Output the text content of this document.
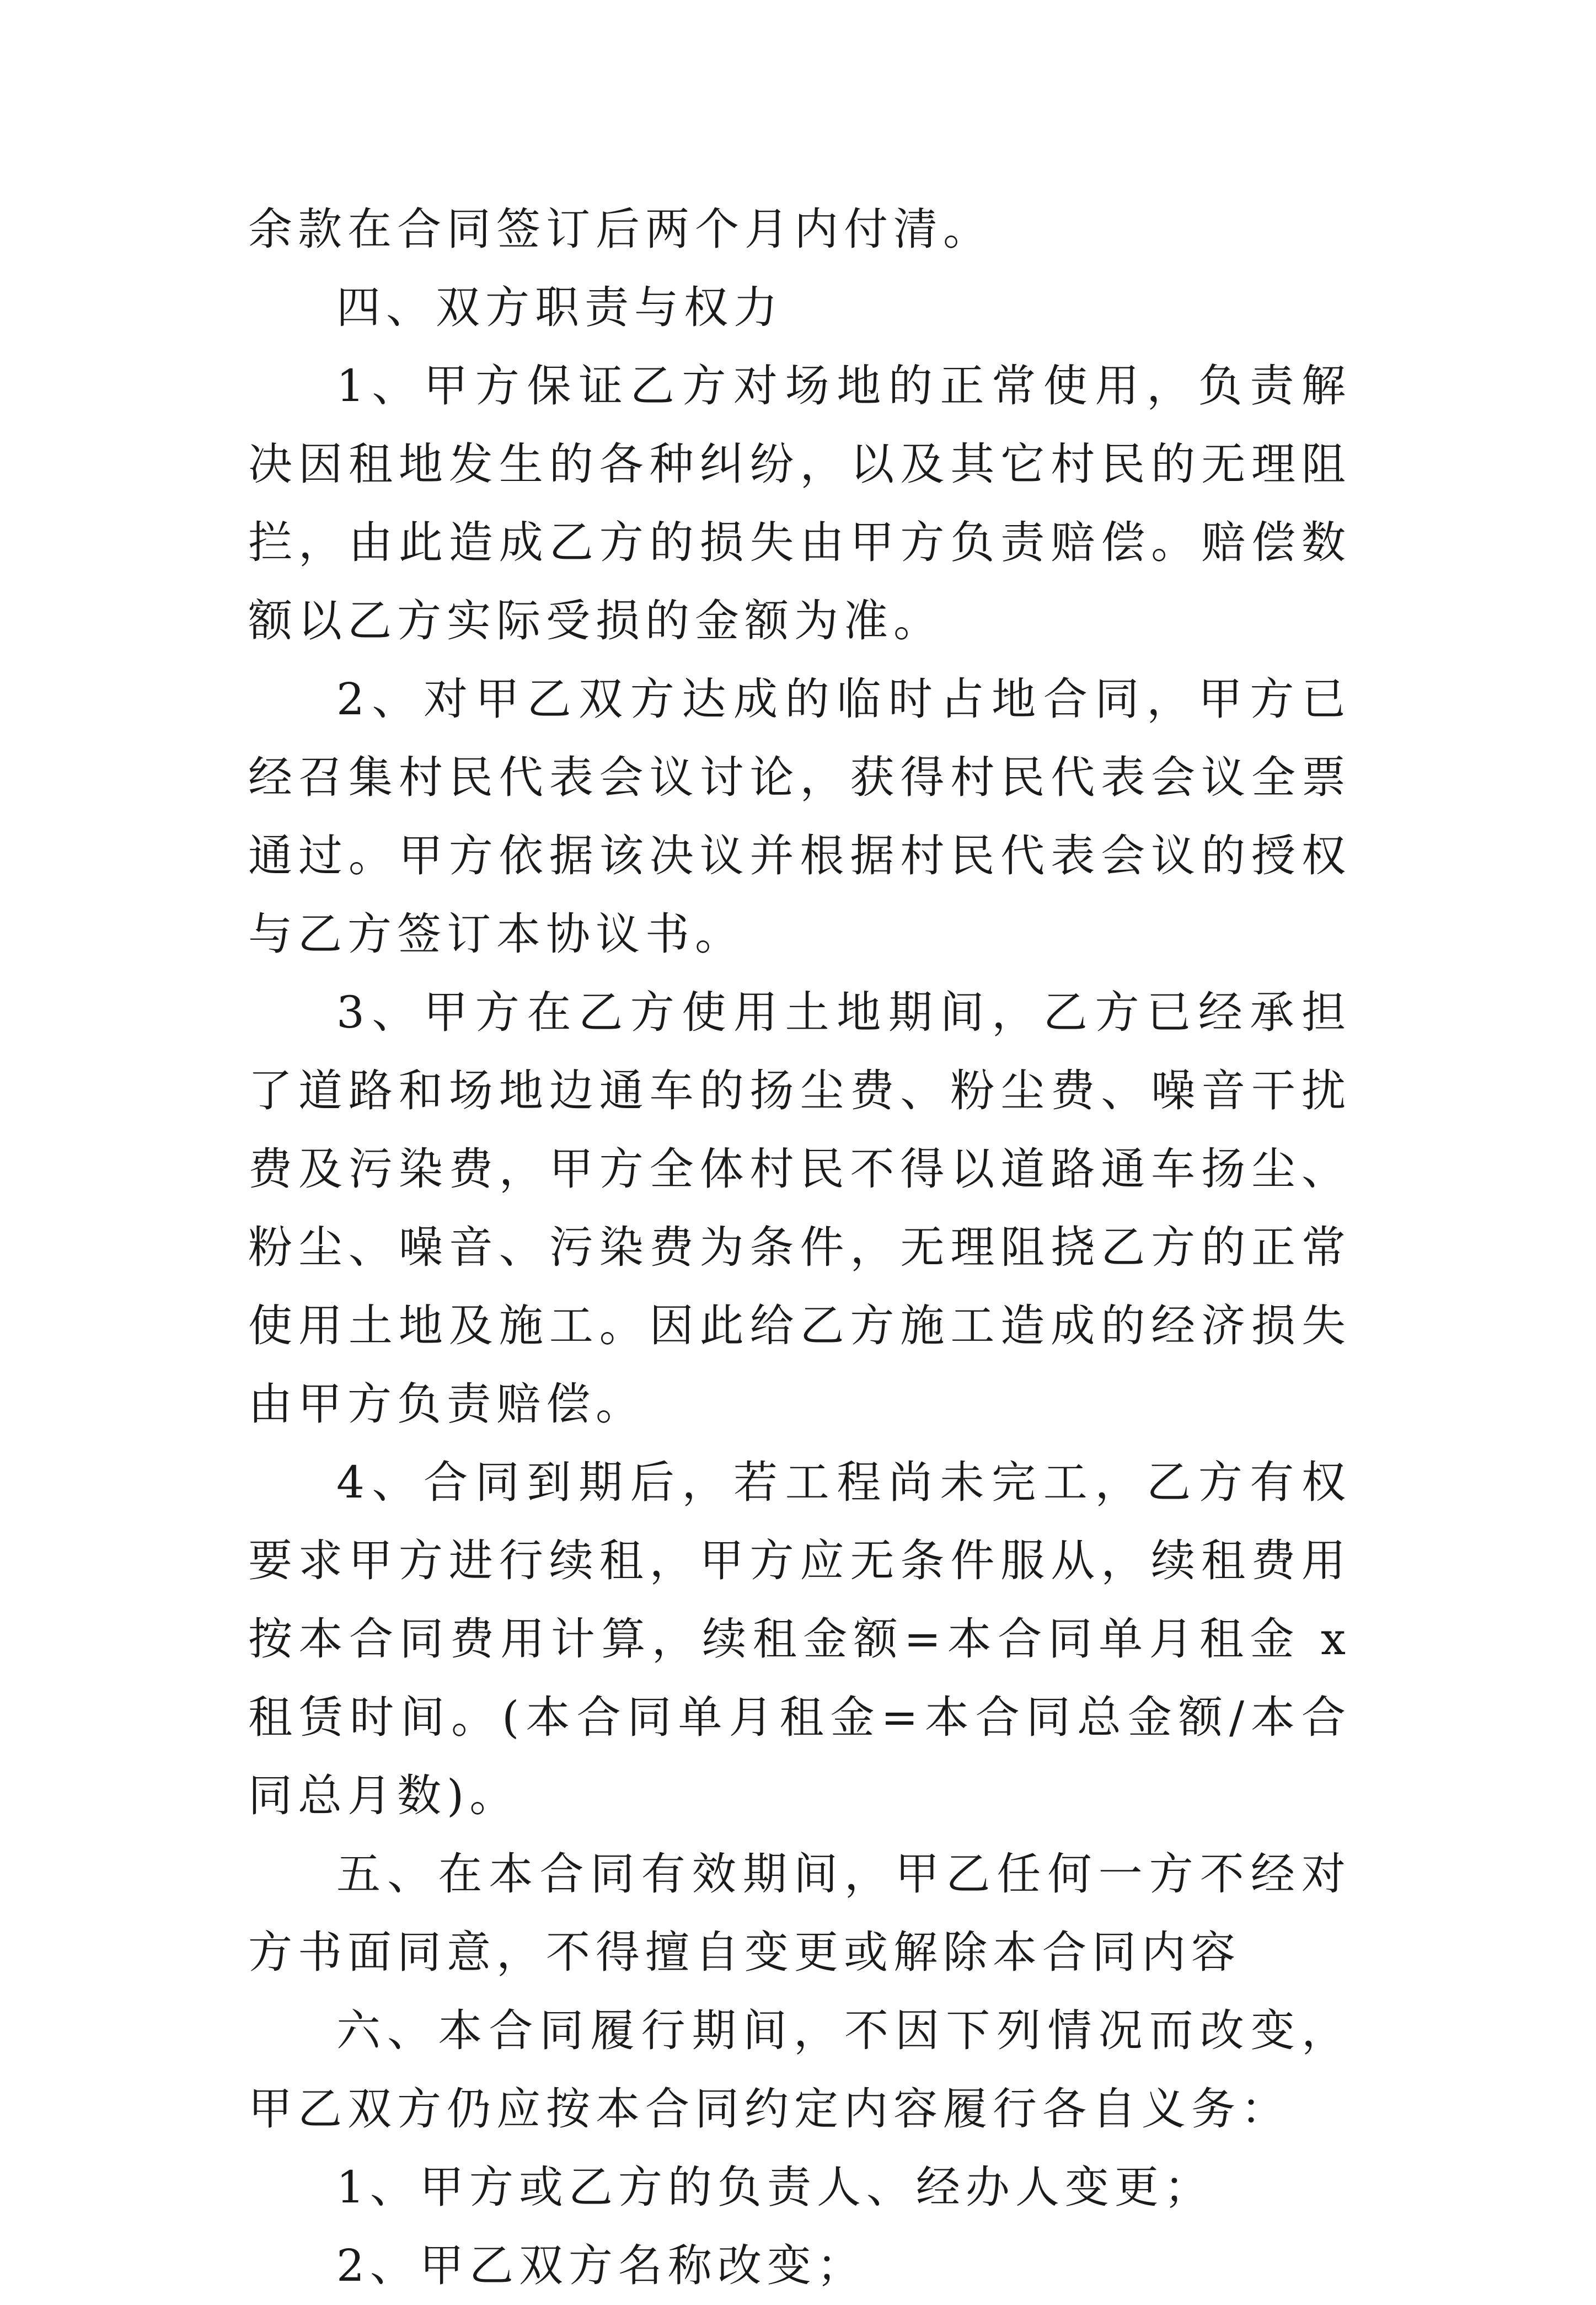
余款在合同签订后两个月内付清。

四、双方职责与权力

1、甲方保证乙方对场地的正常使用，负责解决因租地发生的各种纠纷，以及其它村民的无理阻拦，由此造成乙方的损失由甲方负责赔偿。赔偿数额以乙方实际受损的金额为准。

2、对甲乙双方达成的临时占地合同，甲方已经召集村民代表会议讨论，获得村民代表会议全票通过。甲方依据该决议并根据村民代表会议的授权与乙方签订本协议书。

3、甲方在乙方使用土地期间，乙方已经承担了道路和场地边通车的扬尘费、粉尘费、噪音干扰费及污染费，甲方全体村民不得以道路通车扬尘、粉尘、噪音、污染费为条件，无理阻挠乙方的正常使用土地及施工。因此给乙方施工造成的经济损失由甲方负责赔偿。

4、合同到期后，若工程尚未完工，乙方有权要求甲方进行续租，甲方应无条件服从，续租费用按本合同费用计算，续租金额=本合同单月租金 x 租赁时间。(本合同单月租金=本合同总金额/本合同总月数)。

五、在本合同有效期间，甲乙任何一方不经对方书面同意，不得擅自变更或解除本合同内容

六、本合同履行期间，不因下列情况而改变，甲乙双方仍应按本合同约定内容履行各自义务：

1、甲方或乙方的负责人、经办人变更；

2、甲乙双方名称改变；
